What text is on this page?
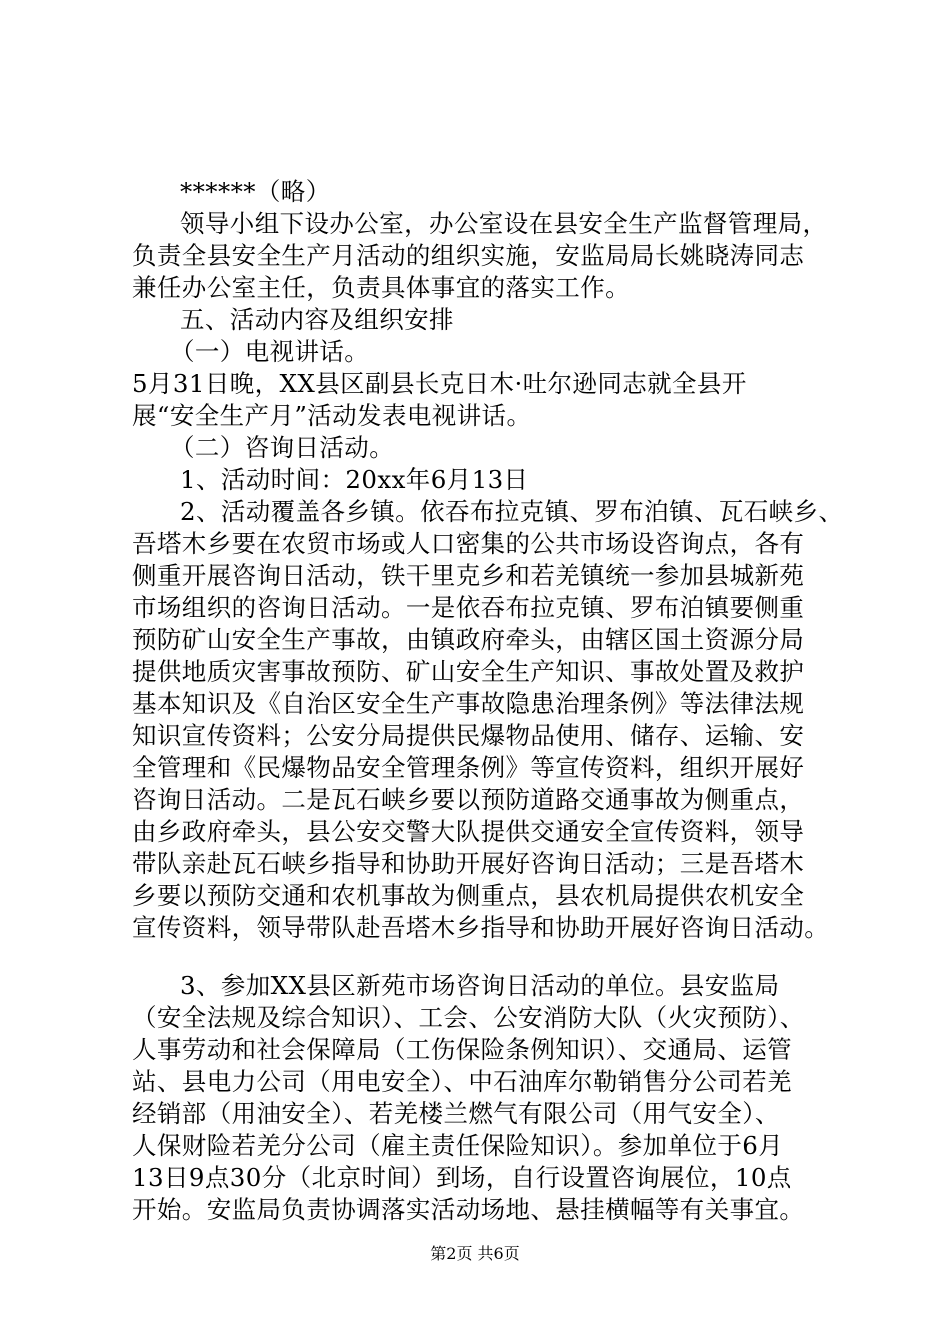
******（略）
领导小组下设办公室，办公室设在县安全生产监督管理局，
负责全县安全生产月活动的组织实施，安监局局长姚晓涛同志
兼任办公室主任，负责具体事宜的落实工作。
五、活动内容及组织安排
（一）电视讲话。
5月31日晚，XX县区副县长克日木·吐尔逊同志就全县开
展“安全生产月”活动发表电视讲话。
（二）咨询日活动。
1、活动时间：20xx年6月13日
2、活动覆盖各乡镇。依吞布拉克镇、罗布泊镇、瓦石峡乡、
吾塔木乡要在农贸市场或人口密集的公共市场设咨询点，各有
侧重开展咨询日活动，铁干里克乡和若羌镇统一参加县城新苑
市场组织的咨询日活动。一是依吞布拉克镇、罗布泊镇要侧重
预防矿山安全生产事故，由镇政府牵头，由辖区国土资源分局
提供地质灾害事故预防、矿山安全生产知识、事故处置及救护
基本知识及《自治区安全生产事故隐患治理条例》等法律法规
知识宣传资料；公安分局提供民爆物品使用、储存、运输、安
全管理和《民爆物品安全管理条例》等宣传资料，组织开展好
咨询日活动。二是瓦石峡乡要以预防道路交通事故为侧重点，
由乡政府牵头，县公安交警大队提供交通安全宣传资料，领导
带队亲赴瓦石峡乡指导和协助开展好咨询日活动；三是吾塔木
乡要以预防交通和农机事故为侧重点，县农机局提供农机安全
宣传资料，领导带队赴吾塔木乡指导和协助开展好咨询日活动。
3、参加XX县区新苑市场咨询日活动的单位。县安监局
（安全法规及综合知识）、工会、公安消防大队（火灾预防）、
人事劳动和社会保障局（工伤保险条例知识）、交通局、运管
站、县电力公司（用电安全）、中石油库尔勒销售分公司若羌
经销部（用油安全）、若羌楼兰燃气有限公司（用气安全）、
人保财险若羌分公司（雇主责任保险知识）。参加单位于6月
13日9点30分（北京时间）到场，自行设置咨询展位，10点
开始。安监局负责协调落实活动场地、悬挂横幅等有关事宜。
第2页 共6页
